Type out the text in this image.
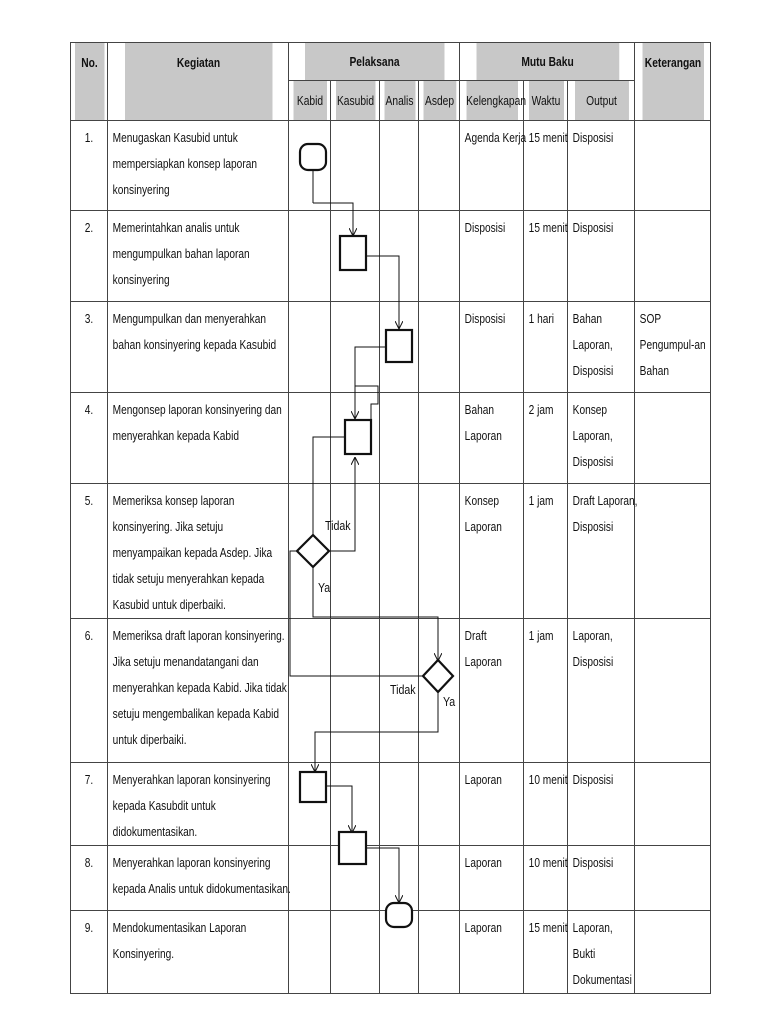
No.	Kegiatan	Pelaksana				Mutu Baku			Keterangan
		Kabid	Kasubid	Analis	Asdep	Kelengkapan	Waktu	Output	

1.	Menugaskan Kasubid untuk mempersiapkan konsep laporan konsinyering					Agenda Kerja	15 menit	Disposisi	

2.	Memerintahkan analis untuk mengumpulkan bahan laporan konsinyering					Disposisi	15 menit	Disposisi	

3.	Mengumpulkan dan menyerahkan bahan konsinyering kepada Kasubid					Disposisi	1 hari	Bahan Laporan, Disposisi	SOP Pengumpul-an Bahan

4.	Mengonsep laporan konsinyering dan menyerahkan kepada Kabid					Bahan Laporan	2 jam	Konsep Laporan, Disposisi	

5.	Memeriksa konsep laporan konsinyering. Jika setuju menyampaikan kepada Asdep. Jika tidak setuju menyerahkan kepada Kasubid untuk diperbaiki.					Konsep Laporan	1 jam	Draft Laporan, Disposisi	

6.	Memeriksa draft laporan konsinyering. Jika setuju menandatangani dan menyerahkan kepada Kabid. Jika tidak setuju mengembalikan kepada Kabid untuk diperbaiki.					Draft Laporan	1 jam	Laporan, Disposisi	

7.	Menyerahkan laporan konsinyering kepada Kasubdit untuk didokumentasikan.					Laporan	10 menit	Disposisi	

8.	Menyerahkan laporan konsinyering kepada Analis untuk didokumentasikan.					Laporan	10 menit	Disposisi	

9.	Mendokumentasikan Laporan Konsinyering.					Laporan	15 menit	Laporan, Bukti Dokumentasi	

Tidak
Ya
Tidak
Ya
